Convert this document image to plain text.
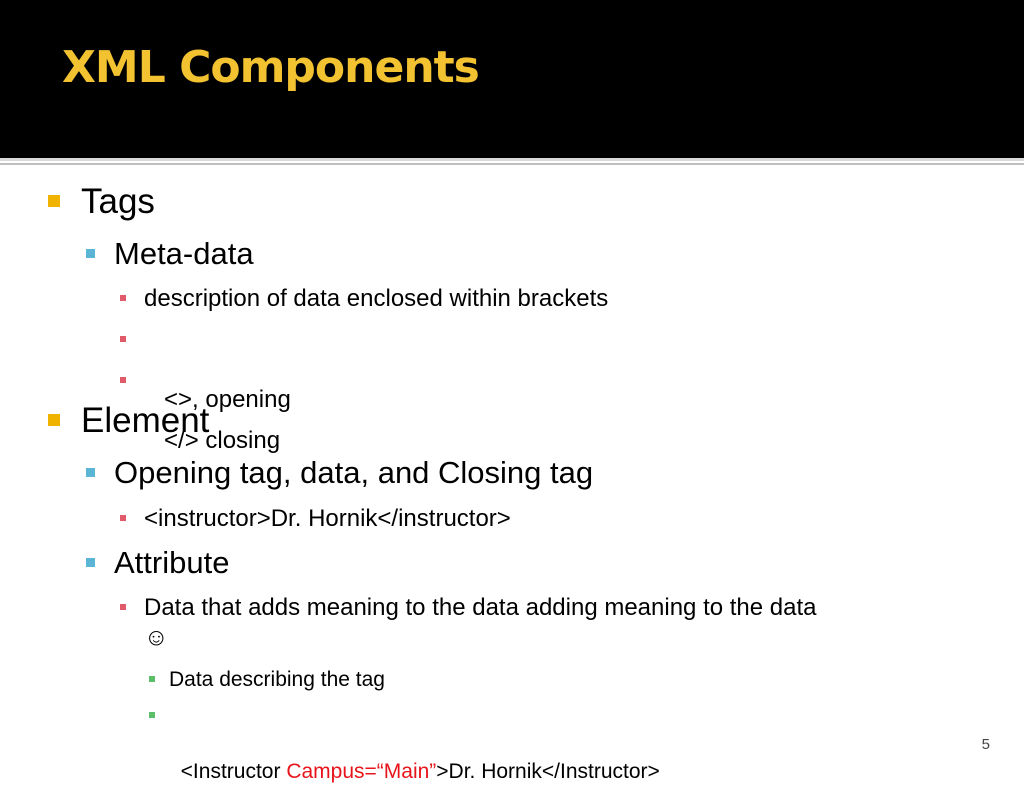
XML Components
Tags
Meta-data
description of data enclosed within brackets

<>, opening

</> closing

Element
Opening tag, data, and Closing tag
<instructor>Dr. Hornik</instructor>
Attribute
Data that adds meaning to the data adding meaning to the data
☺
Data describing the tag

<Instructor Campus=“Main”>Dr. Hornik</Instructor>

5
